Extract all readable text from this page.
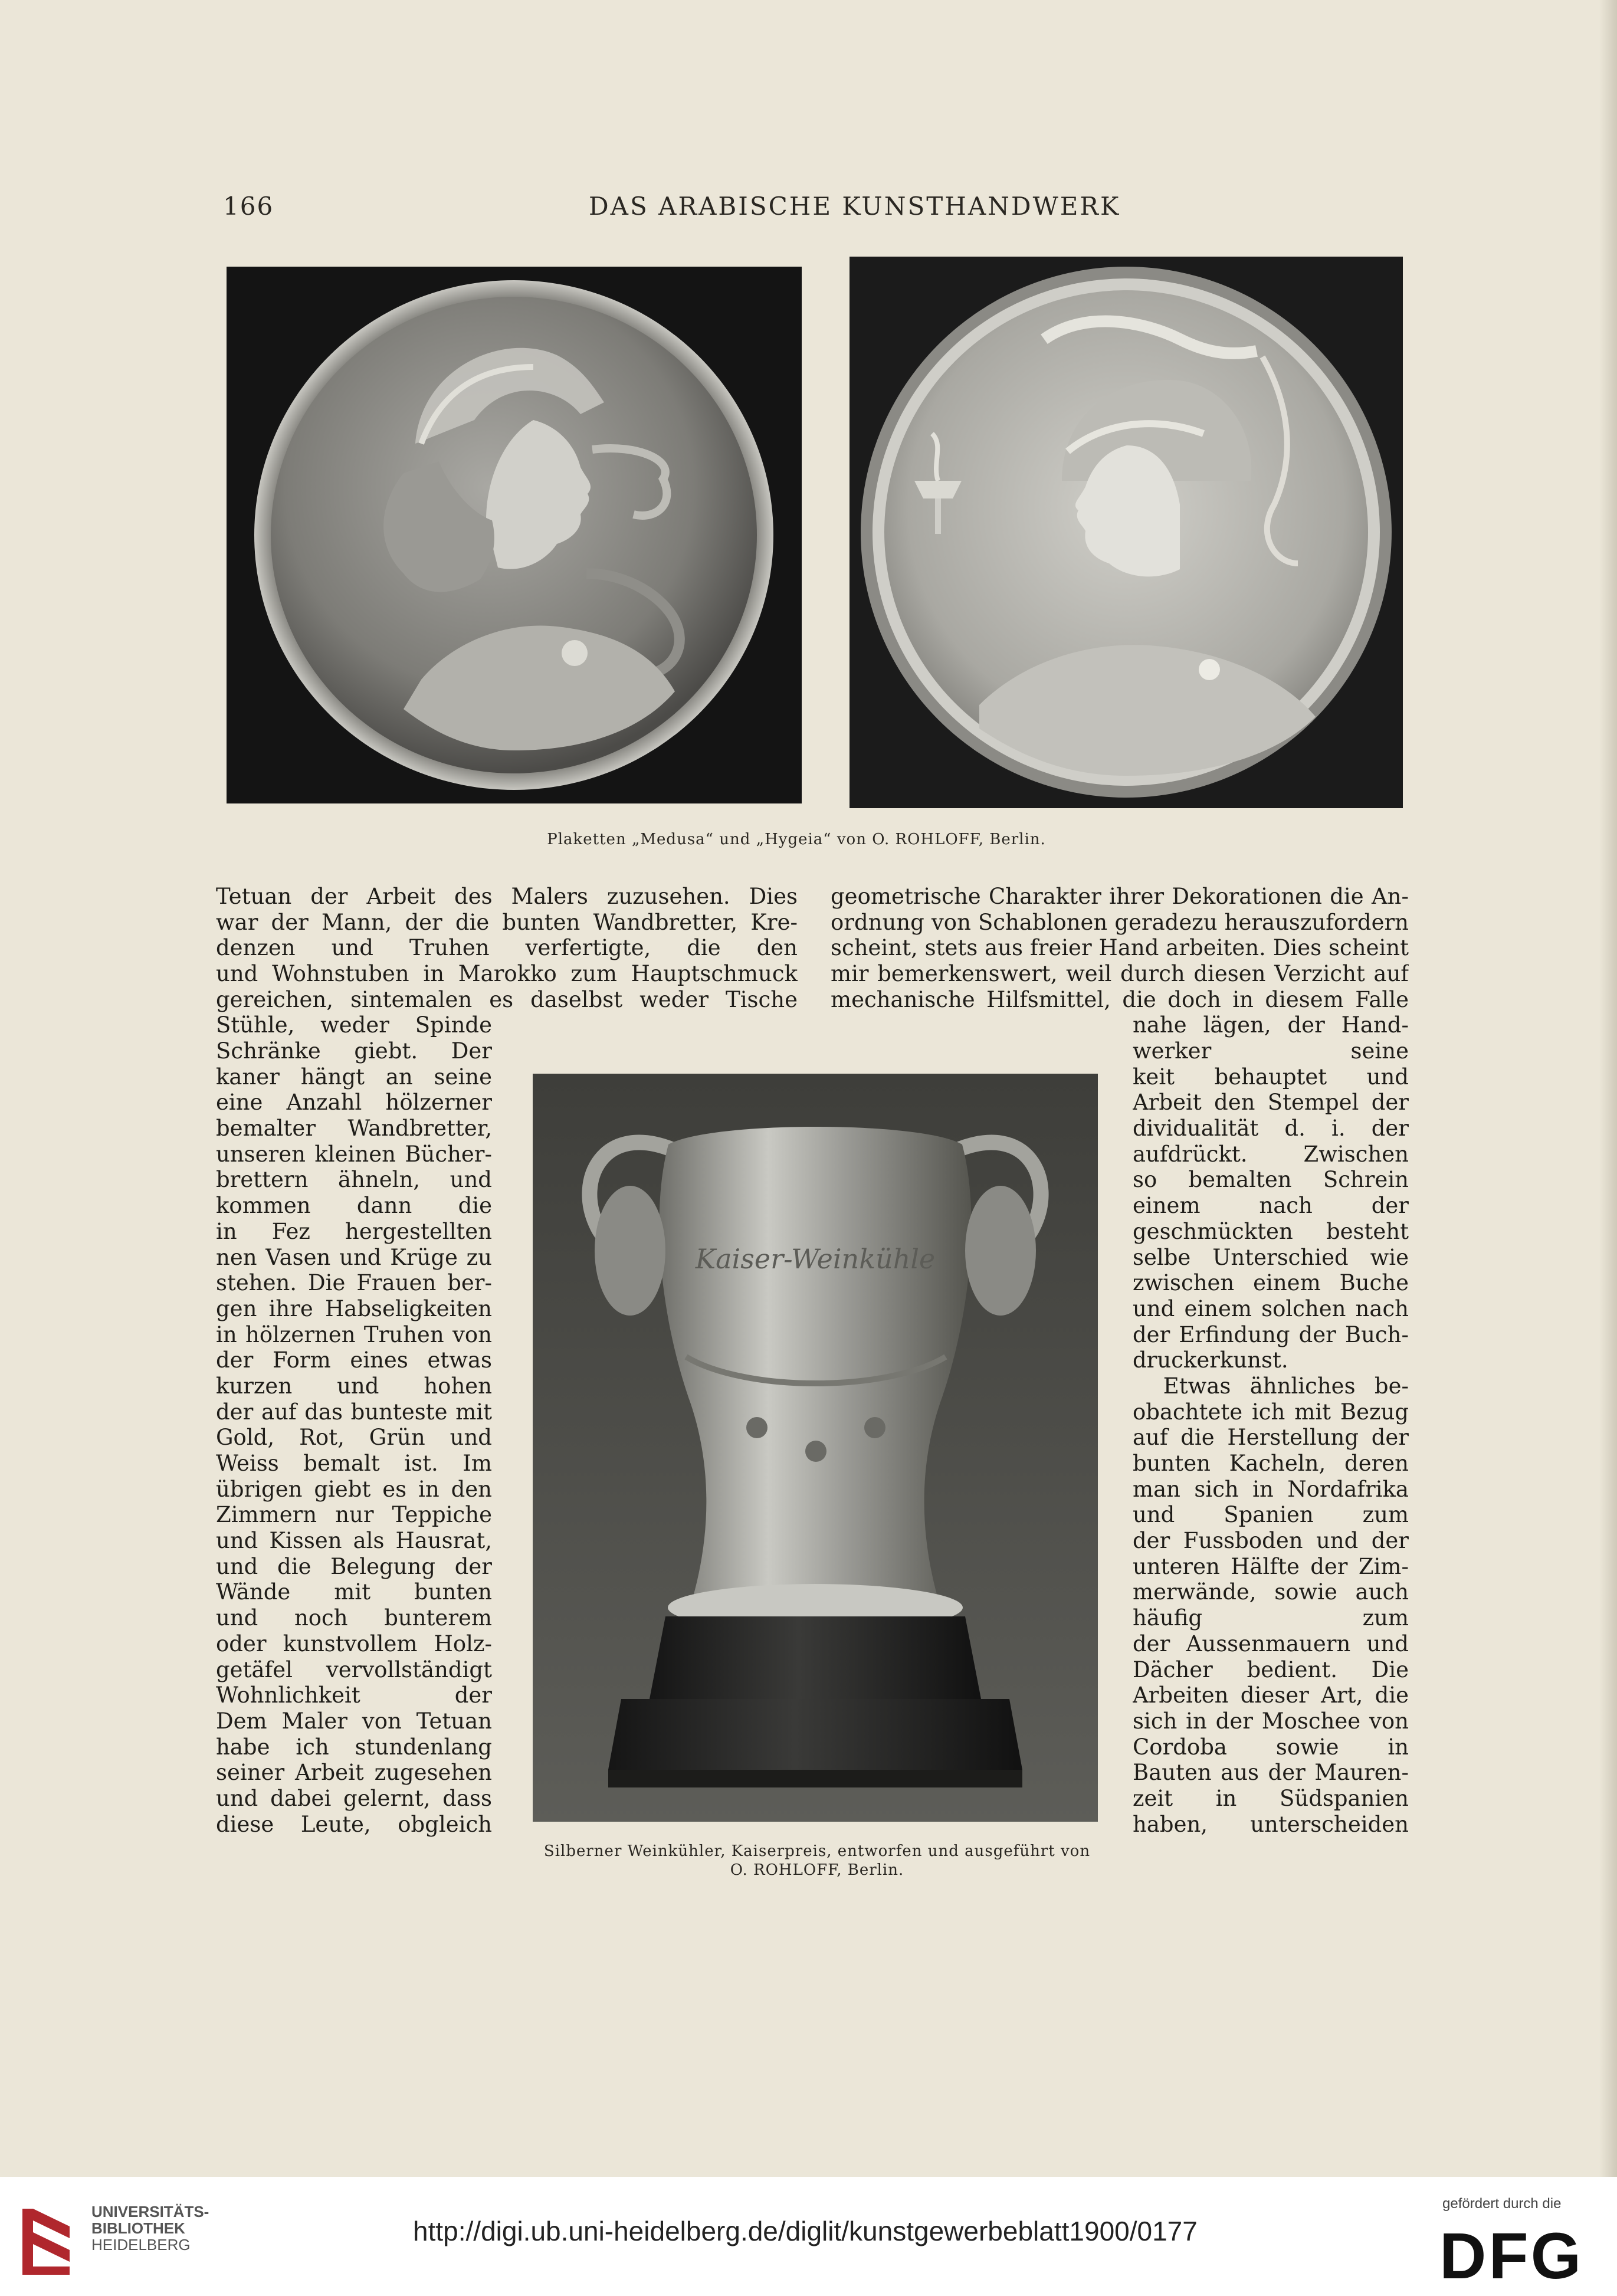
166	DAS ARABISCHE KUNSTHANDWERK
Plaketten „Medusa“ und „Hygeia“ von O. ROHLOFF, Berlin.
Tetuan der Arbeit des Malers zuzusehen. Dies
war der Mann, der die bunten Wandbretter, Kre-
denzen und Truhen verfertigte, die den
und Wohnstuben in Marokko zum Hauptschmuck
gereichen, sintemalen es daselbst weder Tische
Stühle, weder Spinde
geometrische Charakter ihrer Dekorationen die An-
ordnung von Schablonen geradezu herauszufordern
scheint, stets aus freier Hand arbeiten. Dies scheint
mir bemerkenswert, weil durch diesen Verzicht auf
mechanische Hilfsmittel, die doch in diesem Falle
nahe lägen, der Hand-
Schränke giebt. Der
kaner hängt an seine
eine Anzahl hölzerner
bemalter Wandbretter,
unseren kleinen Bücher-
brettern ähneln, und
kommen dann die
in Fez hergestellten
nen Vasen und Krüge zu
stehen. Die Frauen ber-
gen ihre Habseligkeiten
in hölzernen Truhen von
der Form eines etwas
kurzen und hohen
der auf das bunteste mit
Gold, Rot, Grün und
Weiss bemalt ist. Im
übrigen giebt es in den
Zimmern nur Teppiche
und Kissen als Hausrat,
und die Belegung der
Wände mit bunten
und noch bunterem
oder kunstvollem Holz-
getäfel vervollständigt
Wohnlichkeit der
Dem Maler von Tetuan
habe ich stundenlang
seiner Arbeit zugesehen
und dabei gelernt, dass
diese Leute, obgleich
werker seine
keit behauptet und
Arbeit den Stempel der
dividualität d. i. der
aufdrückt. Zwischen
so bemalten Schrein
einem nach der
geschmückten besteht
selbe Unterschied wie
zwischen einem Buche
und einem solchen nach
der Erfindung der Buch-
druckerkunst.
Etwas ähnliches be-
obachtete ich mit Bezug
auf die Herstellung der
bunten Kacheln, deren
man sich in Nordafrika
und Spanien zum
der Fussboden und der
unteren Hälfte der Zim-
merwände, sowie auch
häufig zum
der Aussenmauern und
Dächer bedient. Die
Arbeiten dieser Art, die
sich in der Moschee von
Cordoba sowie in
Bauten aus der Mauren-
zeit in Südspanien
haben, unterscheiden
Kaiser-Weinkühle
Silberner Weinkühler, Kaiserpreis, entworfen und ausgeführt von
O. ROHLOFF, Berlin.
UNIVERSITÄTS-
BIBLIOTHEK
HEIDELBERG	http://digi.ub.uni-heidelberg.de/diglit/kunstgewerbeblatt1900/0177
gefördert durch die
DFG
